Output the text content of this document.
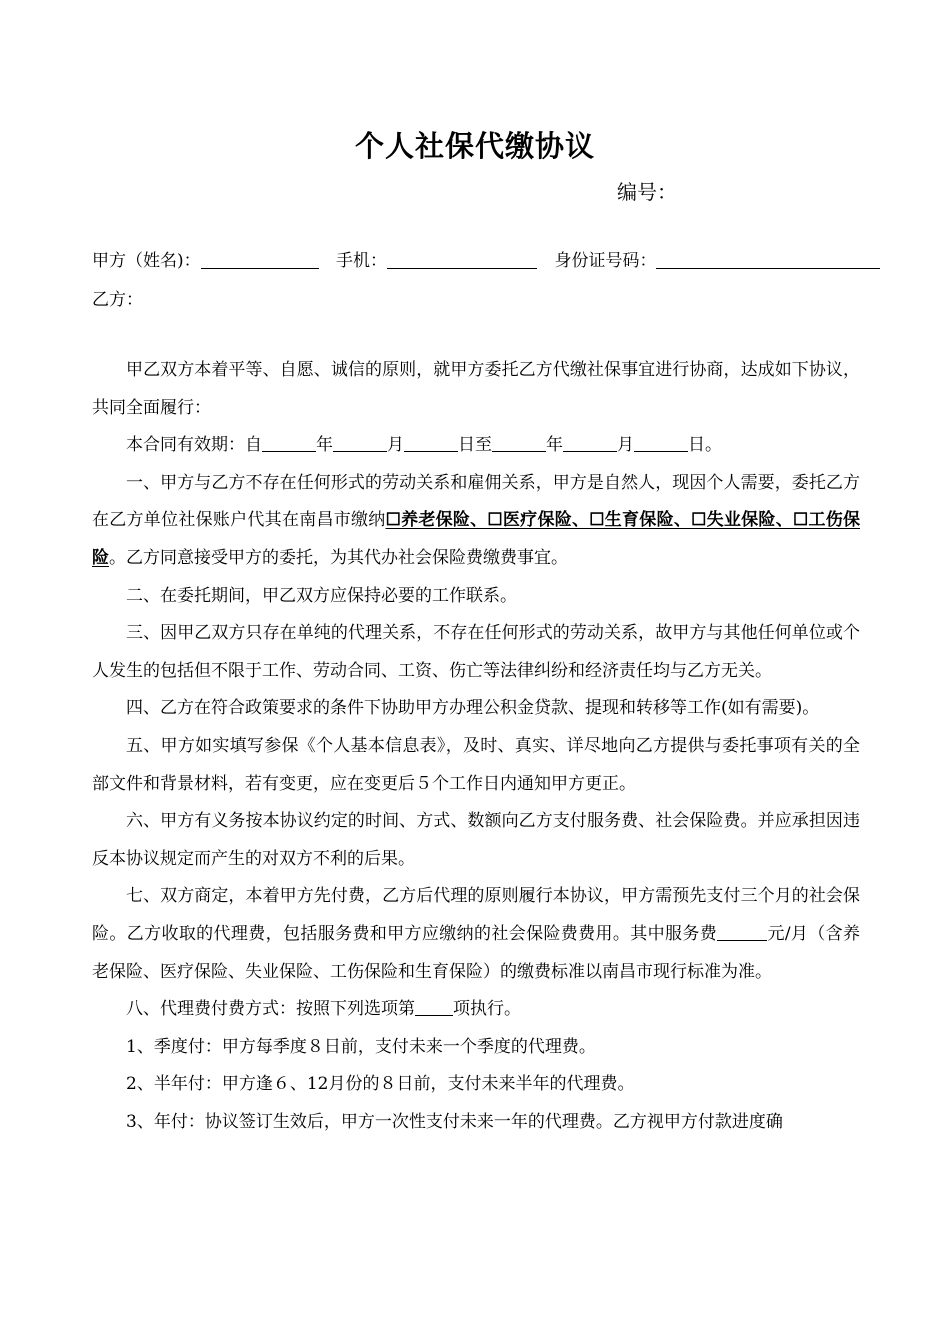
个人社保代缴协议
编号：
甲方（姓名)：	手机：	身份证号码：
乙方：

甲乙双方本着平等、自愿、诚信的原则，就甲方委托乙方代缴社保事宜进行协商，达成如下协议，共同全面履行：

本合同有效期：自	年	月	日至	年	月	日。

一、甲方与乙方不存在任何形式的劳动关系和雇佣关系，甲方是自然人，现因个人需要，委托乙方在乙方单位社保账户代其在南昌市缴纳☐养老保险、☐医疗保险、☐生育保险、☐失业保险、☐工伤保险。乙方同意接受甲方的委托，为其代办社会保险费缴费事宜。

二、在委托期间，甲乙双方应保持必要的工作联系。

三、因甲乙双方只存在单纯的代理关系，不存在任何形式的劳动关系，故甲方与其他任何单位或个人发生的包括但不限于工作、劳动合同、工资、伤亡等法律纠纷和经济责任均与乙方无关。

四、乙方在符合政策要求的条件下协助甲方办理公积金贷款、提现和转移等工作(如有需要)。

五、甲方如实填写参保《个人基本信息表》，及时、真实、详尽地向乙方提供与委托事项有关的全部文件和背景材料，若有变更，应在变更后５个工作日内通知甲方更正。

六、甲方有义务按本协议约定的时间、方式、数额向乙方支付服务费、社会保险费。并应承担因违反本协议规定而产生的对双方不利的后果。

七、双方商定，本着甲方先付费，乙方后代理的原则履行本协议，甲方需预先支付三个月的社会保险。乙方收取的代理费，包括服务费和甲方应缴纳的社会保险费费用。其中服务费	元/月（含养老保险、医疗保险、失业保险、工伤保险和生育保险）的缴费标准以南昌市现行标准为准。

八、代理费付费方式：按照下列选项第 项执行。

1、季度付：甲方每季度８日前，支付未来一个季度的代理费。

2、半年付：甲方逢６、12月份的８日前，支付未来半年的代理费。

3、年付：协议签订生效后，甲方一次性支付未来一年的代理费。乙方视甲方付款进度确
